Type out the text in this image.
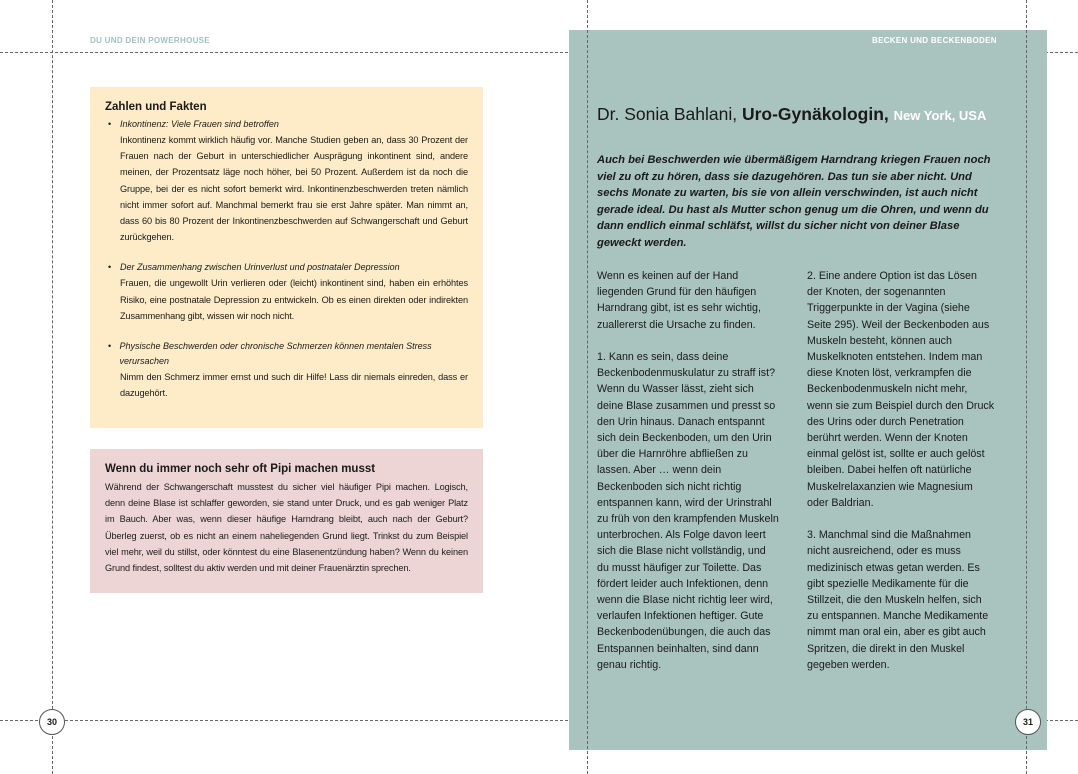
DU UND DEIN POWERHOUSE	BECKEN UND BECKENBODEN
Zahlen und Fakten
• Inkontinenz: Viele Frauen sind betroffen
Inkontinenz kommt wirklich häufig vor. Manche Studien geben an, dass 30 Prozent der Frauen nach der Geburt in unterschiedlicher Ausprägung inkontinent sind, andere meinen, der Prozentsatz läge noch höher, bei 50 Prozent. Außerdem ist da noch die Gruppe, bei der es nicht sofort bemerkt wird. Inkontinenzbeschwerden treten nämlich nicht immer sofort auf. Manchmal bemerkt frau sie erst Jahre später. Man nimmt an, dass 60 bis 80 Prozent der Inkontinenzbeschwerden auf Schwangerschaft und Geburt zurückgehen.
• Der Zusammenhang zwischen Urinverlust und postnataler Depression
Frauen, die ungewollt Urin verlieren oder (leicht) inkontinent sind, haben ein erhöhtes Risiko, eine postnatale Depression zu entwickeln. Ob es einen direkten oder indirekten Zusammenhang gibt, wissen wir noch nicht.
• Physische Beschwerden oder chronische Schmerzen können mentalen Stress verursachen
Nimm den Schmerz immer ernst und such dir Hilfe! Lass dir niemals einreden, dass er dazugehört.
Wenn du immer noch sehr oft Pipi machen musst
Während der Schwangerschaft musstest du sicher viel häufiger Pipi machen. Logisch, denn deine Blase ist schlaffer geworden, sie stand unter Druck, und es gab weniger Platz im Bauch. Aber was, wenn dieser häufige Harndrang bleibt, auch nach der Geburt? Überleg zuerst, ob es nicht an einem naheliegenden Grund liegt. Trinkst du zum Beispiel viel mehr, weil du stillst, oder könntest du eine Blasenentzündung haben? Wenn du keinen Grund findest, solltest du aktiv werden und mit deiner Frauenärztin sprechen.
Dr. Sonia Bahlani, Uro-Gynäkologin, New York, USA
Auch bei Beschwerden wie übermäßigem Harndrang kriegen Frauen noch viel zu oft zu hören, dass sie dazugehören. Das tun sie aber nicht. Und sechs Monate zu warten, bis sie von allein verschwinden, ist auch nicht gerade ideal. Du hast als Mutter schon genug um die Ohren, und wenn du dann endlich einmal schläfst, willst du sicher nicht von deiner Blase geweckt werden.

Wenn es keinen auf der Hand liegenden Grund für den häufigen Harndrang gibt, ist es sehr wichtig, zuallererst die Ursache zu finden.

1. Kann es sein, dass deine Beckenbodenmuskulatur zu straff ist? Wenn du Wasser lässt, zieht sich deine Blase zusammen und presst so den Urin hinaus. Danach entspannt sich dein Beckenboden, um den Urin über die Harnröhre abfließen zu lassen. Aber … wenn dein Beckenboden sich nicht richtig entspannen kann, wird der Urinstrahl zu früh von den krampfenden Muskeln unterbrochen. Als Folge davon leert sich die Blase nicht vollständig, und du musst häufiger zur Toilette. Das fördert leider auch Infektionen, denn wenn die Blase nicht richtig leer wird, verlaufen Infektionen heftiger. Gute Beckenbodenübungen, die auch das Entspannen beinhalten, sind dann genau richtig.

2. Eine andere Option ist das Lösen der Knoten, der sogenannten Triggerpunkte in der Vagina (siehe Seite 295). Weil der Beckenboden aus Muskeln besteht, können auch Muskelknoten entstehen. Indem man diese Knoten löst, verkrampfen die Beckenbodenmuskeln nicht mehr, wenn sie zum Beispiel durch den Druck des Urins oder durch Penetration berührt werden. Wenn der Knoten einmal gelöst ist, sollte er auch gelöst bleiben. Dabei helfen oft natürliche Muskelrelaxanzien wie Magnesium oder Baldrian.

3. Manchmal sind die Maßnahmen nicht ausreichend, oder es muss medizinisch etwas getan werden. Es gibt spezielle Medikamente für die Stillzeit, die den Muskeln helfen, sich zu entspannen. Manche Medikamente nimmt man oral ein, aber es gibt auch Spritzen, die direkt in den Muskel gegeben werden.

30	31
